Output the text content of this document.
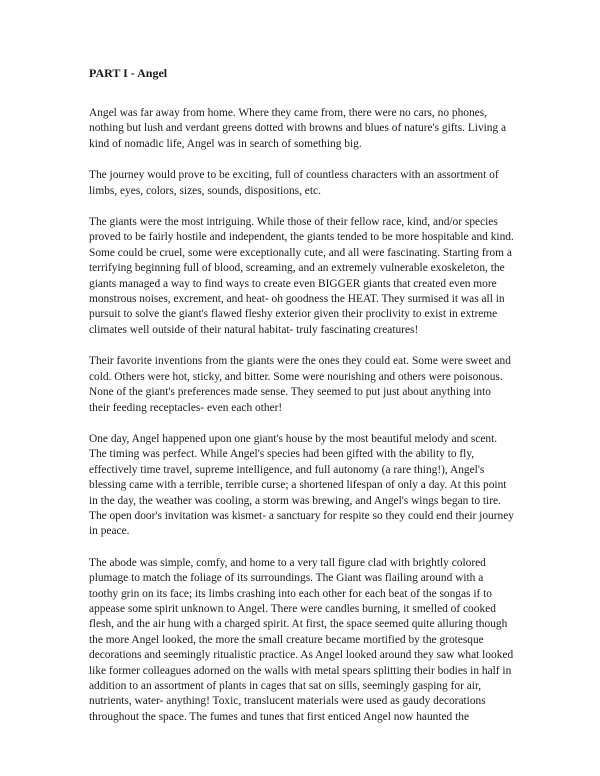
PART I - Angel

Angel was far away from home. Where they came from, there were no cars, no phones, nothing but lush and verdant greens dotted with browns and blues of nature's gifts. Living a kind of nomadic life, Angel was in search of something big.

The journey would prove to be exciting, full of countless characters with an assortment of limbs, eyes, colors, sizes, sounds, dispositions, etc.

The giants were the most intriguing. While those of their fellow race, kind, and/or species proved to be fairly hostile and independent, the giants tended to be more hospitable and kind. Some could be cruel, some were exceptionally cute, and all were fascinating. Starting from a terrifying beginning full of blood, screaming, and an extremely vulnerable exoskeleton, the giants managed a way to find ways to create even BIGGER giants that created even more monstrous noises, excrement, and heat- oh goodness the HEAT. They surmised it was all in pursuit to solve the giant's flawed fleshy exterior given their proclivity to exist in extreme climates well outside of their natural habitat- truly fascinating creatures!

Their favorite inventions from the giants were the ones they could eat. Some were sweet and cold. Others were hot, sticky, and bitter. Some were nourishing and others were poisonous. None of the giant's preferences made sense. They seemed to put just about anything into their feeding receptacles- even each other!

One day, Angel happened upon one giant's house by the most beautiful melody and scent. The timing was perfect. While Angel's species had been gifted with the ability to fly, effectively time travel, supreme intelligence, and full autonomy (a rare thing!), Angel's blessing came with a terrible, terrible curse; a shortened lifespan of only a day. At this point in the day, the weather was cooling, a storm was brewing, and Angel's wings began to tire. The open door's invitation was kismet- a sanctuary for respite so they could end their journey in peace.

The abode was simple, comfy, and home to a very tall figure clad with brightly colored plumage to match the foliage of its surroundings. The Giant was flailing around with a toothy grin on its face; its limbs crashing into each other for each beat of the songas if to appease some spirit unknown to Angel. There were candles burning, it smelled of cooked flesh, and the air hung with a charged spirit. At first, the space seemed quite alluring though the more Angel looked, the more the small creature became mortified by the grotesque decorations and seemingly ritualistic practice. As Angel looked around they saw what looked like former colleagues adorned on the walls with metal spears splitting their bodies in half in addition to an assortment of plants in cages that sat on sills, seemingly gasping for air, nutrients, water- anything! Toxic, translucent materials were used as gaudy decorations throughout the space. The fumes and tunes that first enticed Angel now haunted the
